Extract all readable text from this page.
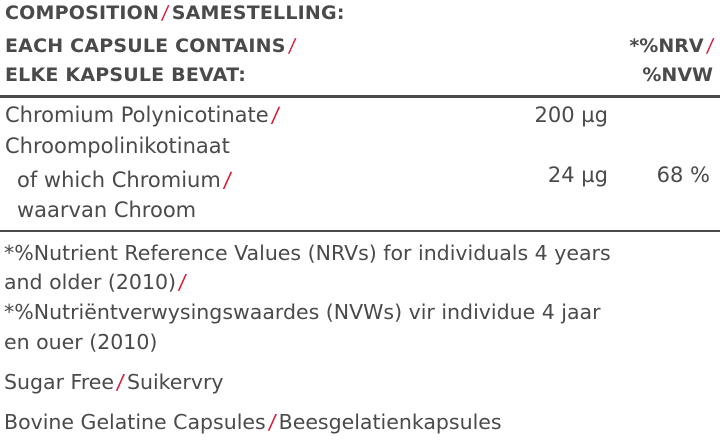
COMPOSITION/SAMESTELLING:
EACH CAPSULE CONTAINS/
ELKE KAPSULE BEVAT:
*%NRV/
%NVW
Chromium Polynicotinate/
Chroompolinikotinaat
200 µg
of which Chromium/
waarvan Chroom
24 µg 68 %
*%Nutrient Reference Values (NRVs) for individuals 4 years
and older (2010)/
*%Nutriëntverwysingswaardes (NVWs) vir individue 4 jaar
en ouer (2010)
Sugar Free/Suikervry
Bovine Gelatine Capsules/Beesgelatienkapsules
